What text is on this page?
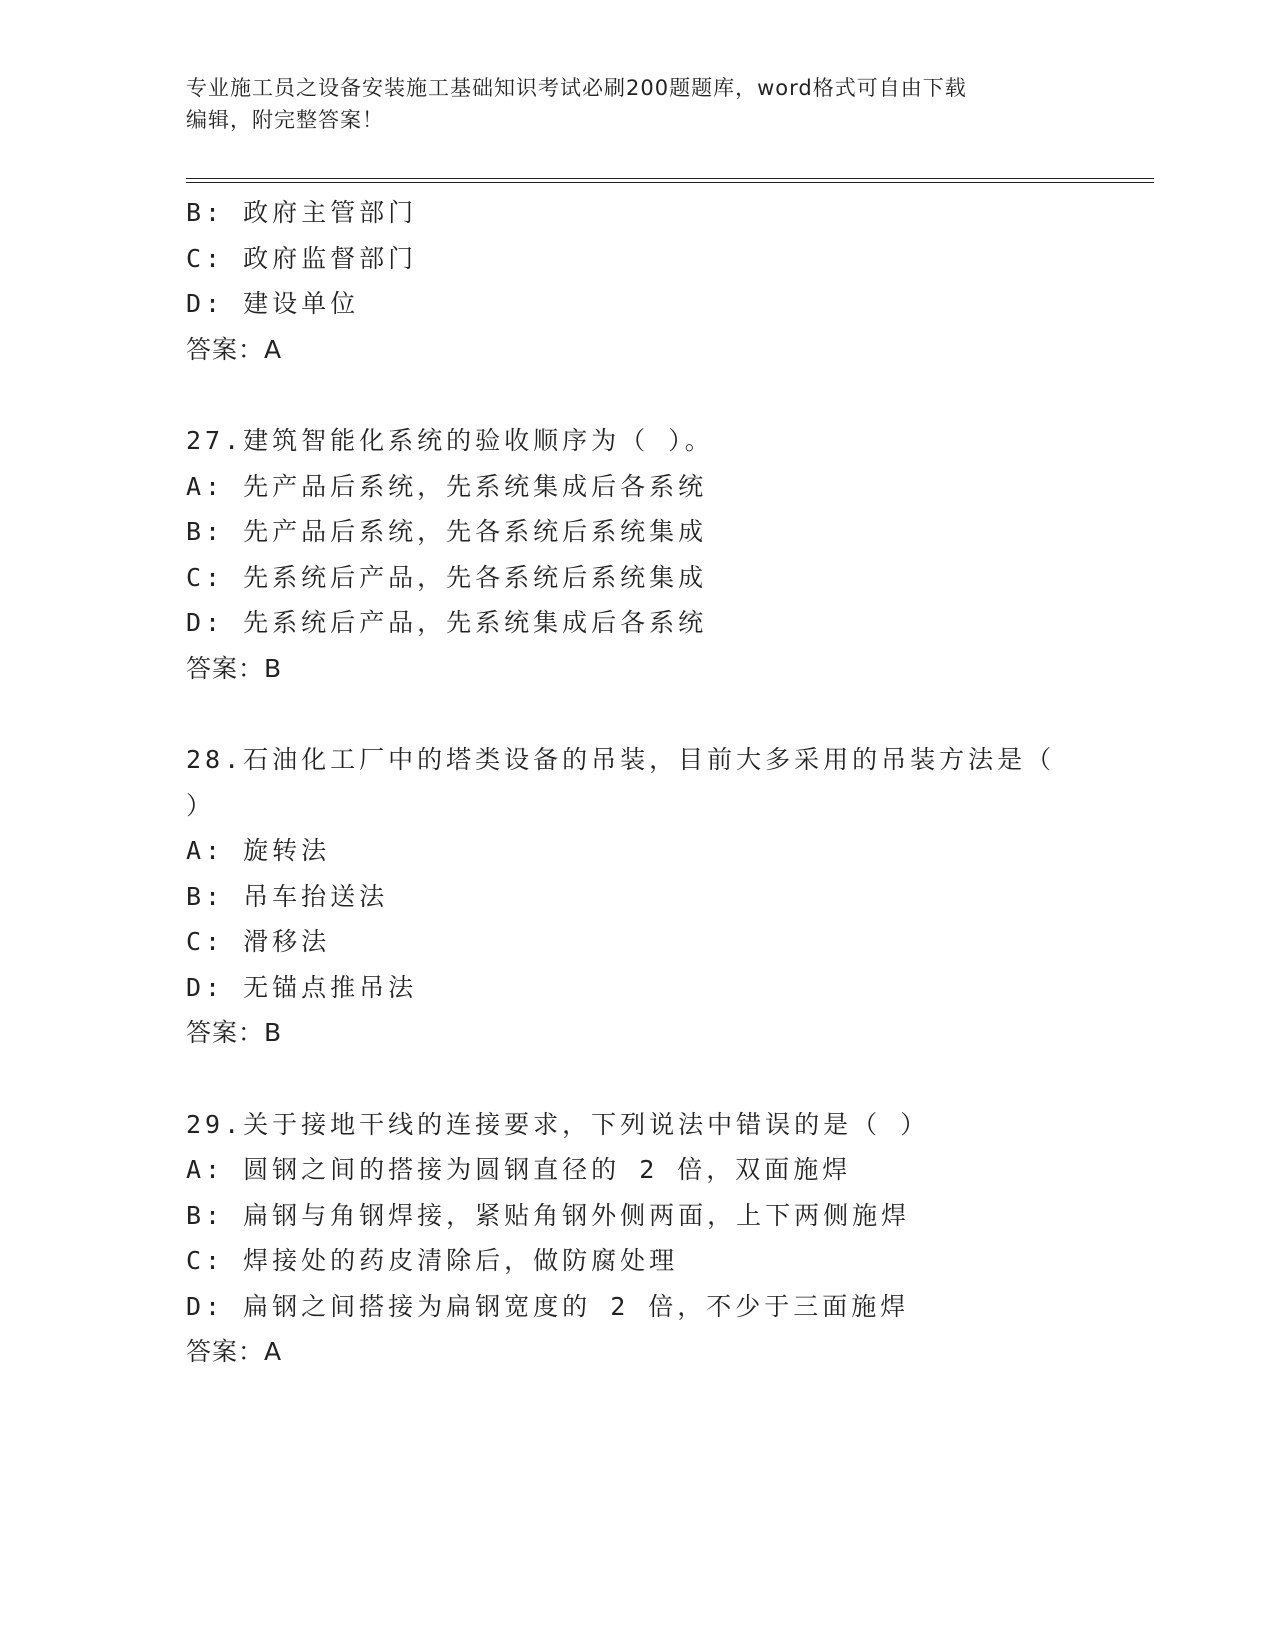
专业施工员之设备安装施工基础知识考试必刷200题题库，word格式可自由下载
编辑，附完整答案！
B: 政府主管部门
C: 政府监督部门
D: 建设单位
答案：A
27.建筑智能化系统的验收顺序为（ ）。
A: 先产品后系统，先系统集成后各系统
B: 先产品后系统，先各系统后系统集成
C: 先系统后产品，先各系统后系统集成
D: 先系统后产品，先系统集成后各系统
答案：B
28.石油化工厂中的塔类设备的吊装，目前大多采用的吊装方法是（
）
A: 旋转法
B: 吊车抬送法
C: 滑移法
D: 无锚点推吊法
答案：B
29.关于接地干线的连接要求，下列说法中错误的是（ ）
A: 圆钢之间的搭接为圆钢直径的 2 倍，双面施焊
B: 扁钢与角钢焊接，紧贴角钢外侧两面，上下两侧施焊
C: 焊接处的药皮清除后，做防腐处理
D: 扁钢之间搭接为扁钢宽度的 2 倍，不少于三面施焊
答案：A
